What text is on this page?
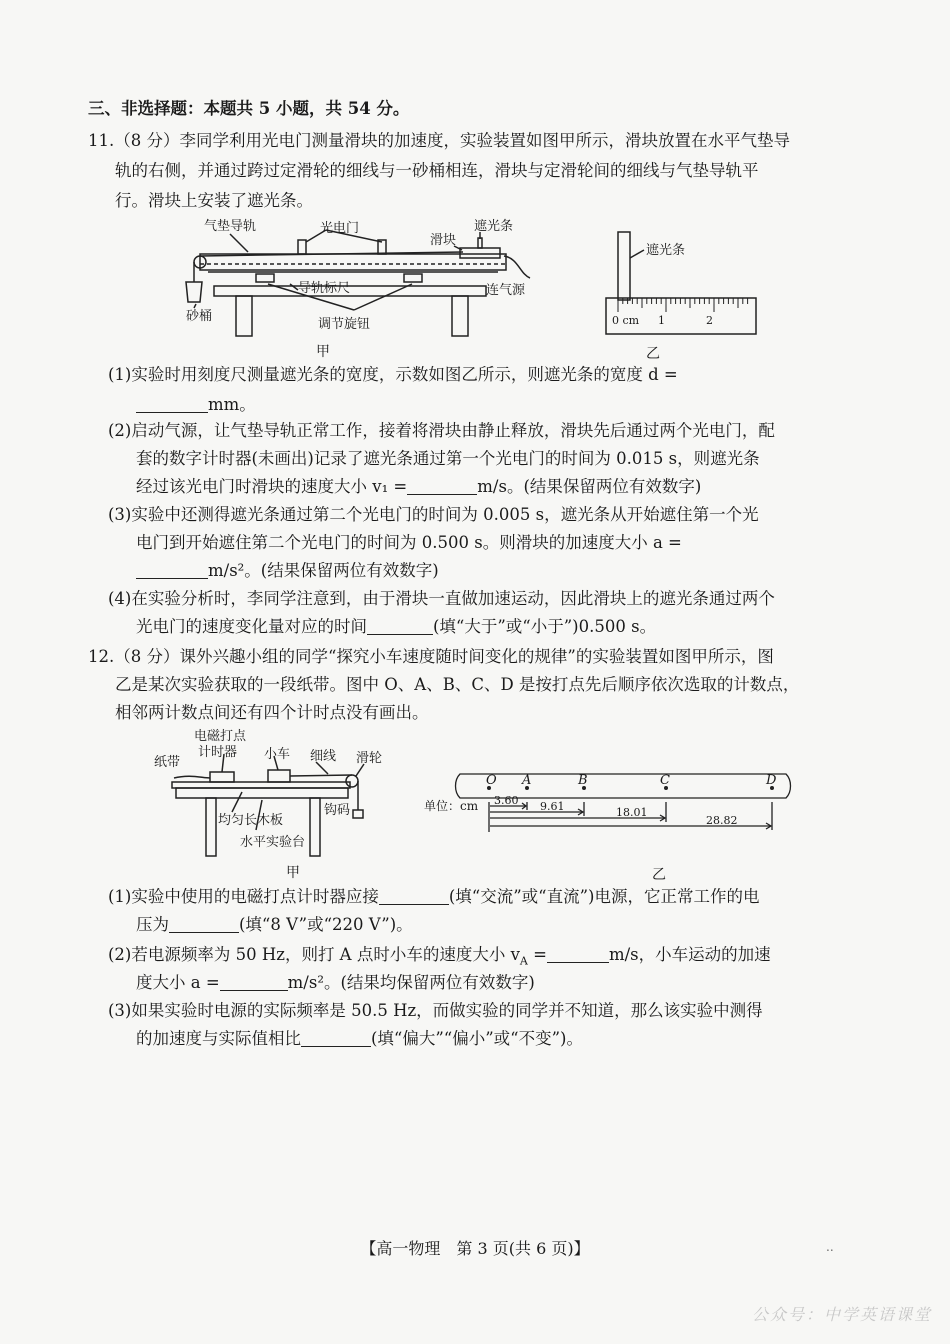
三、非选择题：本题共 5 小题，共 54 分。
11.（8 分）李同学利用光电门测量滑块的加速度，实验装置如图甲所示，滑块放置在水平气垫导
轨的右侧，并通过跨过定滑轮的细线与一砂桶相连，滑块与定滑轮间的细线与气垫导轨平
行。滑块上安装了遮光条。
气垫导轨	光电门
滑块
遮光条
砂桶
导轨标尺	连气源
调节旋钮
甲
遮光条
0 cm 1	2
乙
(1)实验时用刻度尺测量遮光条的宽度，示数如图乙所示，则遮光条的宽度 d =
mm。
(2)启动气源，让气垫导轨正常工作，接着将滑块由静止释放，滑块先后通过两个光电门，配
套的数字计时器(未画出)记录了遮光条通过第一个光电门的时间为 0.015 s，则遮光条
经过该光电门时滑块的速度大小 v₁ =	m/s。(结果保留两位有效数字)
(3)实验中还测得遮光条通过第二个光电门的时间为 0.005 s，遮光条从开始遮住第一个光
电门到开始遮住第二个光电门的时间为 0.500 s。则滑块的加速度大小 a =
m/s²。(结果保留两位有效数字)
(4)在实验分析时，李同学注意到，由于滑块一直做加速运动，因此滑块上的遮光条通过两个
光电门的速度变化量对应的时间	(填“大于”或“小于”)0.500 s。
12.（8 分）课外兴趣小组的同学“探究小车速度随时间变化的规律”的实验装置如图甲所示，图
乙是某次实验获取的一段纸带。图中 O、A、B、C、D 是按打点先后顺序依次选取的计数点，
相邻两计数点间还有四个计时点没有画出。
电磁打点
计时器 小车 细线 滑轮
纸带
均匀长木板
钩码
水平实验台
甲
O A	B	C	D
单位：cm 3.60 9.61	18.01
28.82
乙
(1)实验中使用的电磁打点计时器应接	(填“交流”或“直流”)电源，它正常工作的电
压为	(填“8 V”或“220 V”)。
(2)若电源频率为 50 Hz，则打 A 点时小车的速度大小 $v_A$ =	m/s，小车运动的加速
度大小 a =	m/s²。(结果均保留两位有效数字)
(3)如果实验时电源的实际频率是 50.5 Hz，而做实验的同学并不知道，那么该实验中测得
的加速度与实际值相比	(填“偏大”“偏小”或“不变”)。
【高一物理　第 3 页(共 6 页)】	..
公众号：中学英语课堂
